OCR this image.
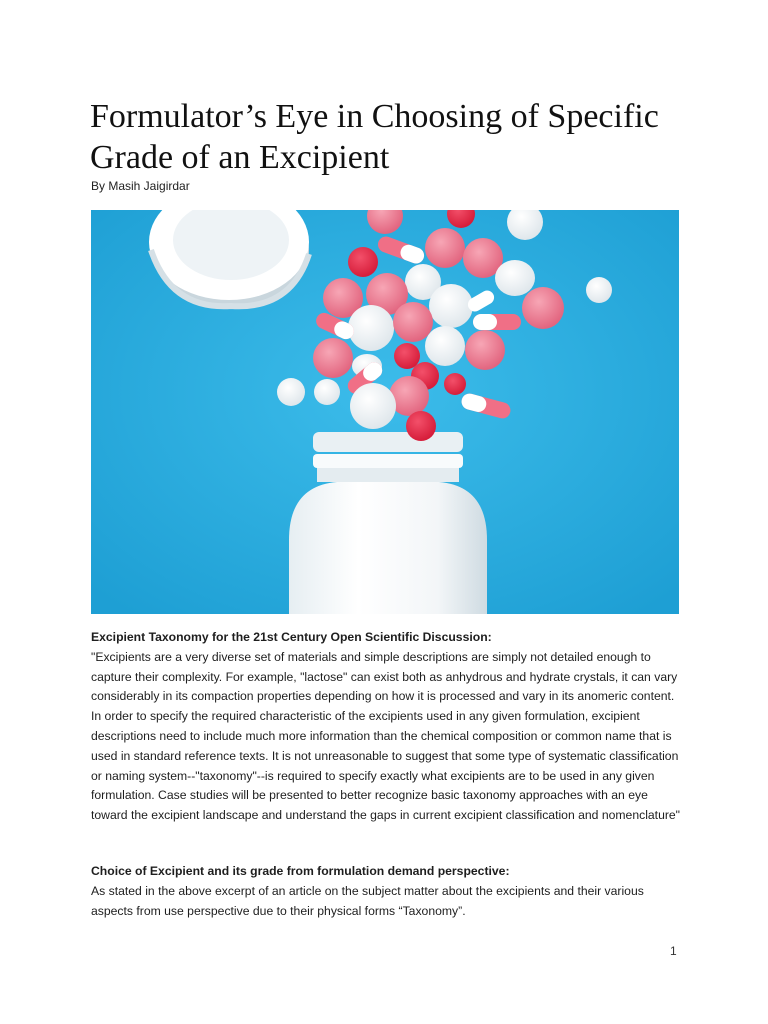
Formulator’s Eye in Choosing of Specific Grade of an Excipient
By Masih Jaigirdar

Excipient Taxonomy for the 21st Century Open Scientific Discussion:
"Excipients are a very diverse set of materials and simple descriptions are simply not detailed enough to capture their complexity. For example, "lactose" can exist both as anhydrous and hydrate crystals, it can vary considerably in its compaction properties depending on how it is processed and vary in its anomeric content. In order to specify the required characteristic of the excipients used in any given formulation, excipient descriptions need to include much more information than the chemical composition or common name that is used in standard reference texts. It is not unreasonable to suggest that some type of systematic classification or naming system--"taxonomy"--is required to specify exactly what excipients are to be used in any given formulation. Case studies will be presented to better recognize basic taxonomy approaches with an eye toward the excipient landscape and understand the gaps in current excipient classification and nomenclature"

Choice of Excipient and its grade from formulation demand perspective:
As stated in the above excerpt of an article on the subject matter about the excipients and their various aspects from use perspective due to their physical forms “Taxonomy”.

1
